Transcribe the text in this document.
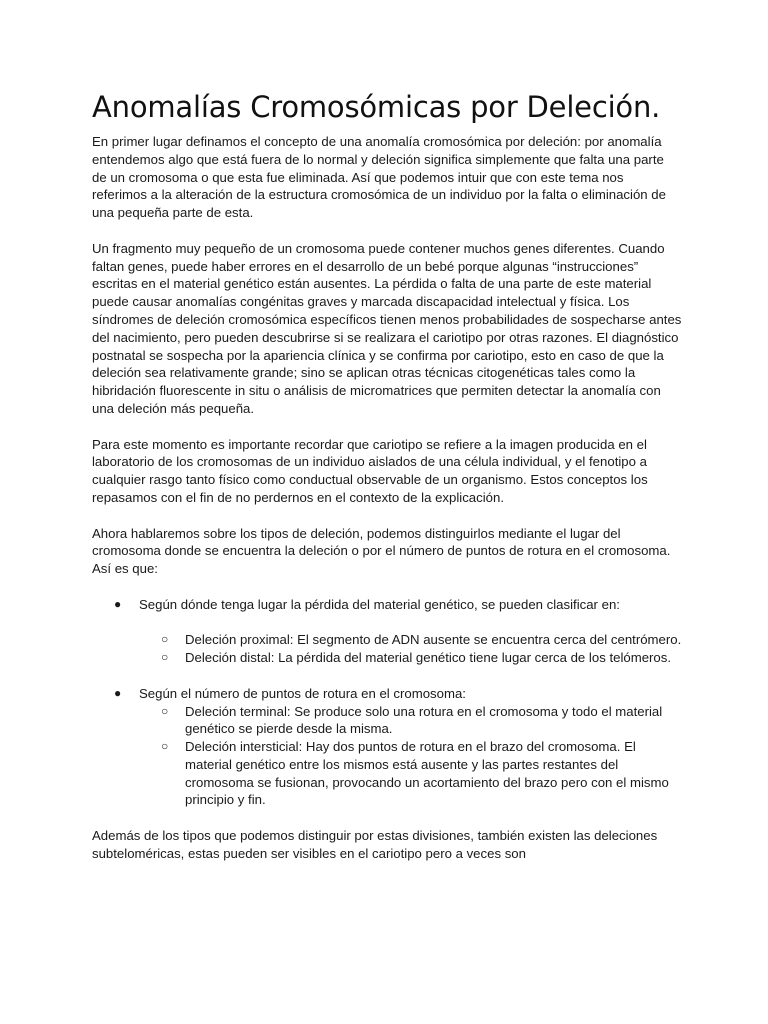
Anomalías Cromosómicas por Deleción.

En primer lugar definamos el concepto de una anomalía cromosómica por deleción: por anomalía entendemos algo que está fuera de lo normal y deleción significa simplemente que falta una parte de un cromosoma o que esta fue eliminada. Así que podemos intuir que con este tema nos referimos a la alteración de la estructura cromosómica de un individuo por la falta o eliminación de una pequeña parte de esta.

Un fragmento muy pequeño de un cromosoma puede contener muchos genes diferentes. Cuando faltan genes, puede haber errores en el desarrollo de un bebé porque algunas “instrucciones” escritas en el material genético están ausentes. La pérdida o falta de una parte de este material puede causar anomalías congénitas graves y marcada discapacidad intelectual y física. Los síndromes de deleción cromosómica específicos tienen menos probabilidades de sospecharse antes del nacimiento, pero pueden descubrirse si se realizara el cariotipo por otras razones. El diagnóstico postnatal se sospecha por la apariencia clínica y se confirma por cariotipo, esto en caso de que la deleción sea relativamente grande; sino se aplican otras técnicas citogenéticas tales como la hibridación fluorescente in situ o análisis de micromatrices que permiten detectar la anomalía con una deleción más pequeña.

Para este momento es importante recordar que cariotipo se refiere a la imagen producida en el laboratorio de los cromosomas de un individuo aislados de una célula individual, y el fenotipo a cualquier rasgo tanto físico como conductual observable de un organismo. Estos conceptos los repasamos con el fin de no perdernos en el contexto de la explicación.

Ahora hablaremos sobre los tipos de deleción, podemos distinguirlos mediante el lugar del cromosoma donde se encuentra la deleción o por el número de puntos de rotura en el cromosoma.

Así es que:

● Según dónde tenga lugar la pérdida del material genético, se pueden clasificar en:
○ Deleción proximal: El segmento de ADN ausente se encuentra cerca del centrómero.
○ Deleción distal: La pérdida del material genético tiene lugar cerca de los telómeros.
● Según el número de puntos de rotura en el cromosoma:
○ Deleción terminal: Se produce solo una rotura en el cromosoma y todo el material genético se pierde desde la misma.
○ Deleción intersticial: Hay dos puntos de rotura en el brazo del cromosoma. El material genético entre los mismos está ausente y las partes restantes del cromosoma se fusionan, provocando un acortamiento del brazo pero con el mismo principio y fin.

Además de los tipos que podemos distinguir por estas divisiones, también existen las deleciones subteloméricas, estas pueden ser visibles en el cariotipo pero a veces son
